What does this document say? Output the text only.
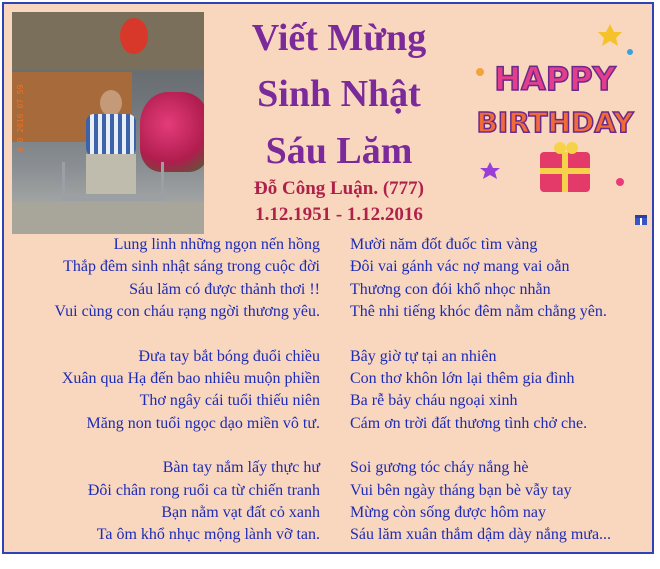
0 0 2016 07 59
Viết Mừng
Sinh Nhật
Sáu Lăm
Đỗ Công Luận. (777)
1.12.1951 - 1.12.2016
HAPPY
BIRTHDAY

Lung linh những ngọn nến hồng
Thắp đêm sinh nhật sáng trong cuộc đời
Sáu lăm có được thảnh thơi !!
Vui cùng con cháu rạng ngời thương yêu.

Đưa tay bắt bóng đuổi chiều
Xuân qua Hạ đến bao nhiêu muộn phiền
Thơ ngây cái tuổi thiếu niên
Măng non tuổi ngọc dạo miền vô tư.

Bàn tay nắm lấy thực hư
Đôi chân rong ruổi ca từ chiến tranh
Bạn nằm vạt đất cỏ xanh
Ta ôm khổ nhục mộng lành vỡ tan.

Mười năm đốt đuốc tìm vàng
Đôi vai gánh vác nợ mang vai oằn
Thương con đói khổ nhọc nhằn
Thê nhi tiếng khóc đêm nằm chẳng yên.

Bây giờ tự tại an nhiên
Con thơ khôn lớn lại thêm gia đình
Ba rễ bảy cháu ngoại xinh
Cám ơn trời đất thương tình chở che.

Soi gương tóc cháy nắng hè
Vui bên ngày tháng bạn bè vẫy tay
Mừng còn sống được hôm nay
Sáu lăm xuân thắm dậm dày nắng mưa...
